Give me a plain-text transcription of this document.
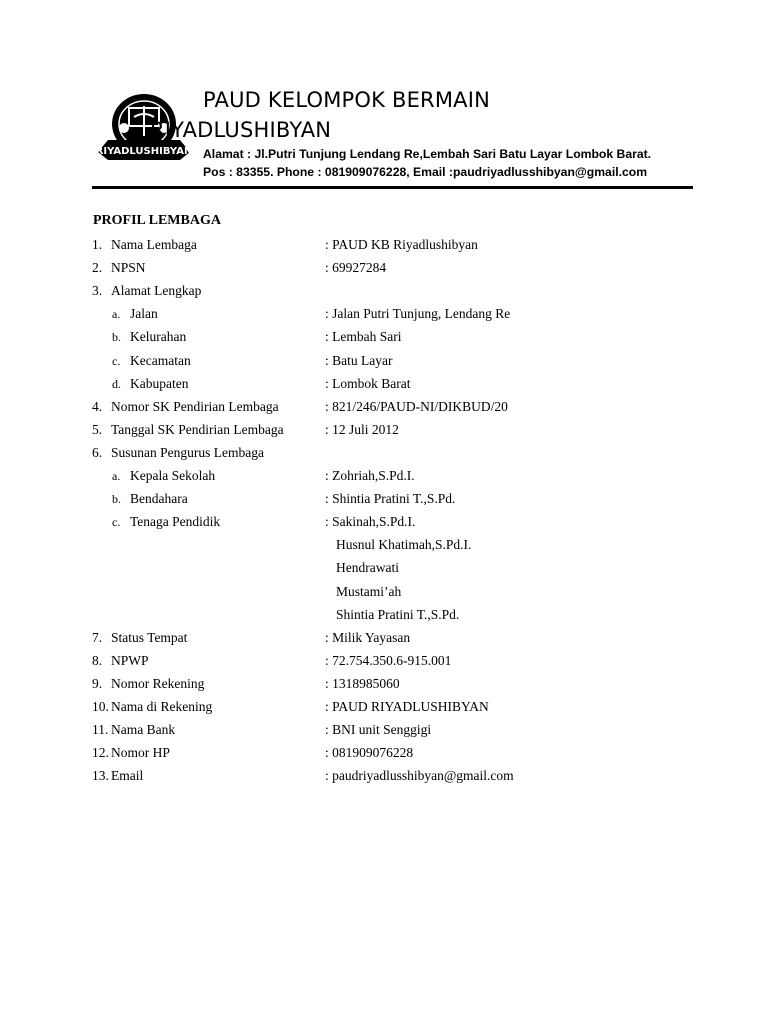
RIYADLUSHIBYAN
PAUD KELOMPOK BERMAIN
RIYADLUSHIBYAN
Alamat : Jl.Putri Tunjung Lendang Re,Lembah Sari Batu Layar Lombok Barat.
Pos : 83355. Phone : 081909076228, Email :paudriyadlusshibyan@gmail.com
PROFIL LEMBAGA
1. Nama Lembaga	: PAUD KB Riyadlushibyan
2. NPSN	: 69927284
3. Alamat Lengkap
a. Jalan	: Jalan Putri Tunjung, Lendang Re
b. Kelurahan	: Lembah Sari
c. Kecamatan	: Batu Layar
d. Kabupaten	: Lombok Barat
4. Nomor SK Pendirian Lembaga	: 821/246/PAUD-NI/DIKBUD/20
5. Tanggal SK Pendirian Lembaga	: 12 Juli 2012
6. Susunan Pengurus Lembaga
a. Kepala Sekolah	: Zohriah,S.Pd.I.
b. Bendahara	: Shintia Pratini T.,S.Pd.
c. Tenaga Pendidik	: Sakinah,S.Pd.I.
Husnul Khatimah,S.Pd.I.
Hendrawati
Mustami’ah
Shintia Pratini T.,S.Pd.
7. Status Tempat	: Milik Yayasan
8. NPWP	: 72.754.350.6-915.001
9. Nomor Rekening	: 1318985060
10. Nama di Rekening	: PAUD RIYADLUSHIBYAN
11. Nama Bank	: BNI unit Senggigi
12. Nomor HP	: 081909076228
13. Email	: paudriyadlusshibyan@gmail.com
